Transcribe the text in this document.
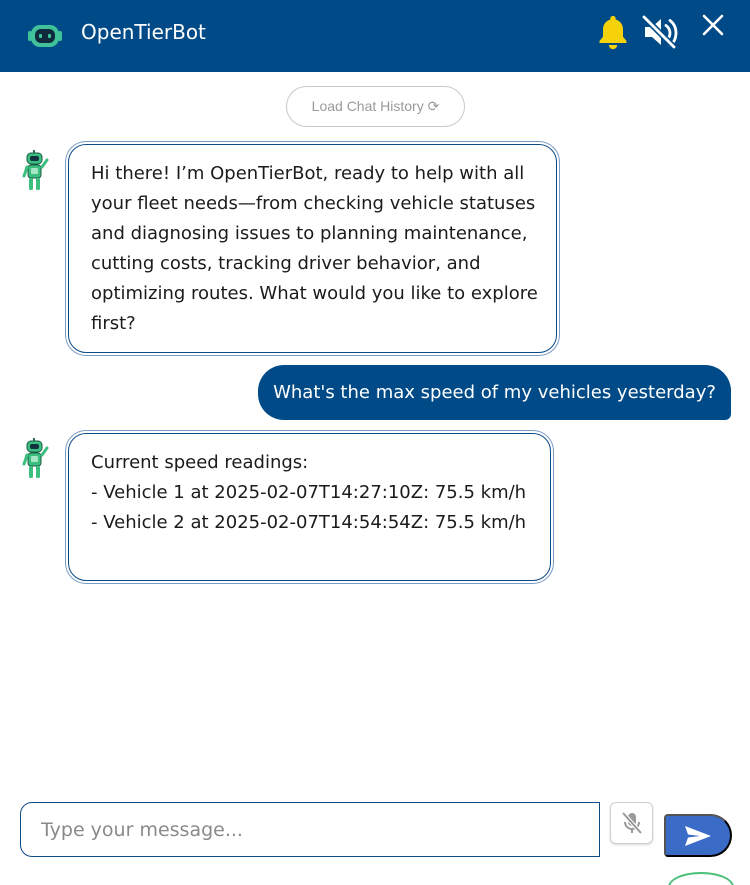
OpenTierBot
Load Chat History ⟳
Hi there! I’m OpenTierBot, ready to help with all your fleet needs—from checking vehicle statuses and diagnosing issues to planning maintenance, cutting costs, tracking driver behavior, and optimizing routes. What would you like to explore first?
What's the max speed of my vehicles yesterday?
Current speed readings:
- Vehicle 1 at 2025-02-07T14:27:10Z: 75.5 km/h
- Vehicle 2 at 2025-02-07T14:54:54Z: 75.5 km/h
Type your message...
